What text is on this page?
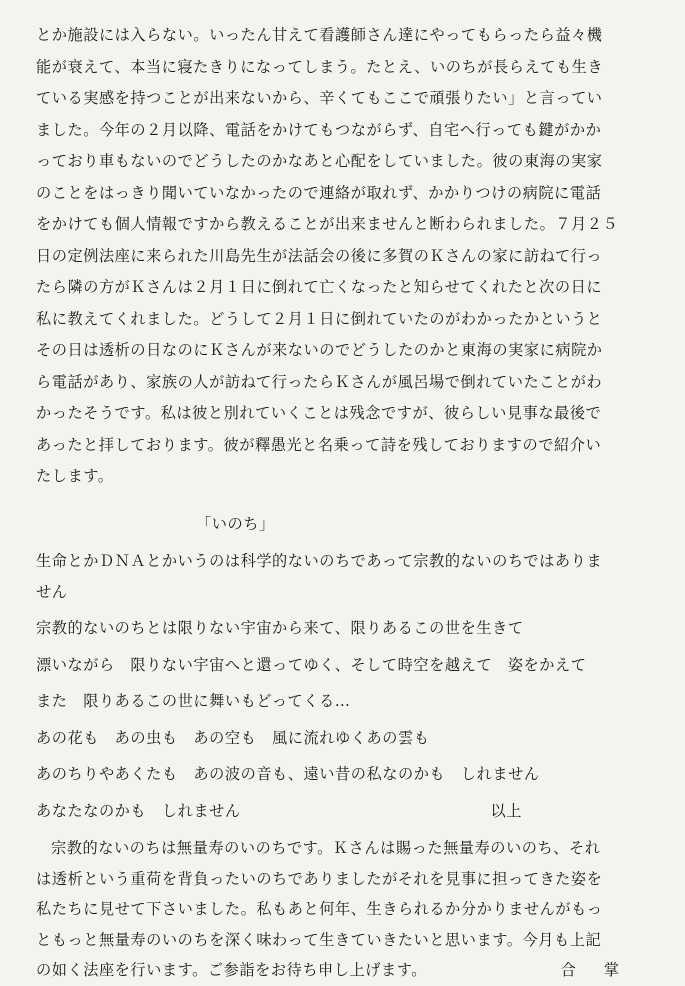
とか施設には入らない。いったん甘えて看護師さん達にやってもらったら益々機
能が衰えて、本当に寝たきりになってしまう。たとえ、いのちが長らえても生き
ている実感を持つことが出来ないから、辛くてもここで頑張りたい」と言ってい
ました。今年の２月以降、電話をかけてもつながらず、自宅へ行っても鍵がかか
っており車もないのでどうしたのかなあと心配をしていました。彼の東海の実家
のことをはっきり聞いていなかったので連絡が取れず、かかりつけの病院に電話
をかけても個人情報ですから教えることが出来ませんと断わられました。７月２５
日の定例法座に来られた川島先生が法話会の後に多賀のＫさんの家に訪ねて行っ
たら隣の方がＫさんは２月１日に倒れて亡くなったと知らせてくれたと次の日に
私に教えてくれました。どうして２月１日に倒れていたのがわかったかというと
その日は透析の日なのにＫさんが来ないのでどうしたのかと東海の実家に病院か
ら電話があり、家族の人が訪ねて行ったらＫさんが風呂場で倒れていたことがわ
かったそうです。私は彼と別れていくことは残念ですが、彼らしい見事な最後で
あったと拝しております。彼が釋愚光と名乗って詩を残しておりますので紹介い
たします。
「いのち」
生命とかＤＮＡとかいうのは科学的ないのちであって宗教的ないのちではありま
せん
宗教的ないのちとは限りない宇宙から来て、限りあるこの世を生きて
漂いながら　限りない宇宙へと還ってゆく、そして時空を越えて　姿をかえて
また　限りあるこの世に舞いもどってくる…
あの花も　あの虫も　あの空も　風に流れゆくあの雲も
あのちりやあくたも　あの波の音も、遠い昔の私なのかも　しれません
あなたなのかも　しれません	以上
宗教的ないのちは無量寿のいのちです。Ｋさんは賜った無量寿のいのち、それ
は透析という重荷を背負ったいのちでありましたがそれを見事に担ってきた姿を
私たちに見せて下さいました。私もあと何年、生きられるか分かりませんがもっ
ともっと無量寿のいのちを深く味わって生きていきたいと思います。今月も上記
の如く法座を行います。ご参詣をお待ち申し上げます。	合掌
